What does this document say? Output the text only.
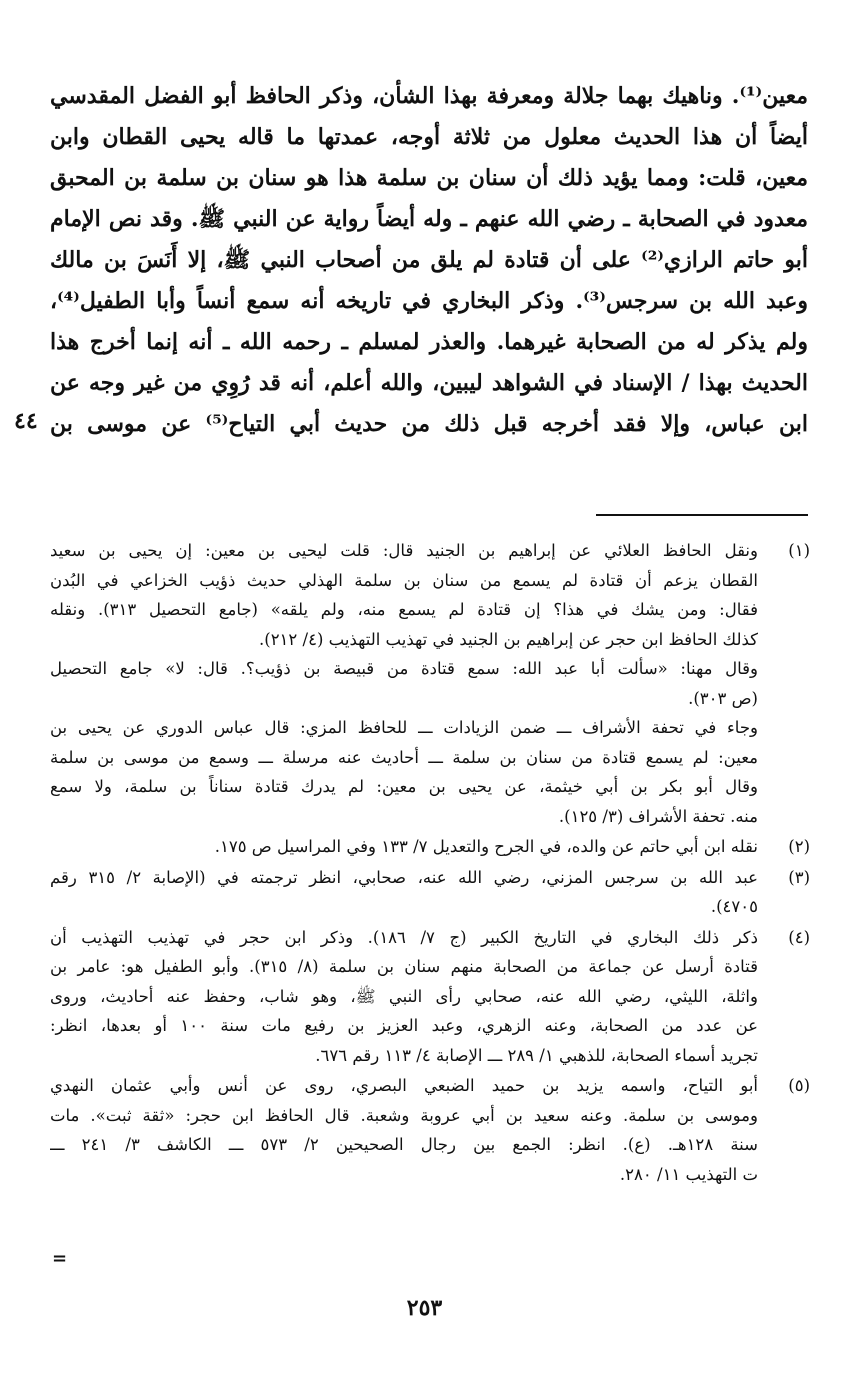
معين⁽¹⁾. وناهيك بهما جلالة ومعرفة بهذا الشأن، وذكر الحافظ أبو الفضل المقدسي
أيضاً أن هذا الحديث معلول من ثلاثة أوجه، عمدتها ما قاله يحيى القطان وابن
معين، قلت: ومما يؤيد ذلك أن سنان بن سلمة هذا هو سنان بن سلمة بن المحبق
معدود في الصحابة ـ رضي الله عنهم ـ وله أيضاً رواية عن النبي ﷺ. وقد نص الإمام
أبو حاتم الرازي⁽²⁾ على أن قتادة لم يلق من أصحاب النبي ﷺ، إلا أَنَسَ بن مالك
وعبد الله بن سرجس⁽³⁾. وذكر البخاري في تاريخه أنه سمع أنساً وأبا الطفيل⁽⁴⁾،
ولم يذكر له من الصحابة غيرهما. والعذر لمسلم ـ رحمه الله ـ أنه إنما أخرج هذا
الحديث بهذا / الإسناد في الشواهد ليبين، والله أعلم، أنه قد رُوِي من غير وجه عن
ابن عباس، وإلا فقد أخرجه قبل ذلك من حديث أبي التياح⁽⁵⁾ عن موسى بن
٤٤
(١)
ونقل الحافظ العلائي عن إبراهيم بن الجنيد قال: قلت ليحيى بن معين: إن يحيى بن سعيد
القطان يزعم أن قتادة لم يسمع من سنان بن سلمة الهذلي حديث ذؤيب الخزاعي في البُدن
فقال: ومن يشك في هذا؟ إن قتادة لم يسمع منه، ولم يلقه» (جامع التحصيل ٣١٣). ونقله
كذلك الحافظ ابن حجر عن إبراهيم بن الجنيد في تهذيب التهذيب (٤/ ٢١٢).
وقال مهنا: «سألت أبا عبد الله: سمع قتادة من قبيصة بن ذؤيب؟. قال: لا» جامع التحصيل
(ص ٣٠٣).
وجاء في تحفة الأشراف ـــ ضمن الزيادات ـــ للحافظ المزي: قال عباس الدوري عن يحيى بن
معين: لم يسمع قتادة من سنان بن سلمة ـــ أحاديث عنه مرسلة ـــ وسمع من موسى بن سلمة
وقال أبو بكر بن أبي خيثمة، عن يحيى بن معين: لم يدرك قتادة سناناً بن سلمة، ولا سمع
منه. تحفة الأشراف (٣/ ١٢٥).
(٢)
نقله ابن أبي حاتم عن والده، في الجرح والتعديل ٧/ ١٣٣ وفي المراسيل ص ١٧٥.
(٣)
عبد الله بن سرجس المزني، رضي الله عنه، صحابي، انظر ترجمته في (الإصابة ٢/ ٣١٥ رقم
٤٧٠٥).
(٤)
ذكر ذلك البخاري في التاريخ الكبير (ج ٧/ ١٨٦). وذكر ابن حجر في تهذيب التهذيب أن
قتادة أرسل عن جماعة من الصحابة منهم سنان بن سلمة (٨/ ٣١٥). وأبو الطفيل هو: عامر بن
واثلة، الليثي، رضي الله عنه، صحابي رأى النبي ﷺ، وهو شاب، وحفظ عنه أحاديث، وروى
عن عدد من الصحابة، وعنه الزهري، وعبد العزيز بن رفيع مات سنة ١٠٠ أو بعدها، انظر:
تجريد أسماء الصحابة، للذهبي ١/ ٢٨٩ ـــ الإصابة ٤/ ١١٣ رقم ٦٧٦.
(٥)
أبو التياح، واسمه يزيد بن حميد الضبعي البصري، روى عن أنس وأبي عثمان النهدي
وموسى بن سلمة. وعنه سعيد بن أبي عروبة وشعبة. قال الحافظ ابن حجر: «ثقة ثبت». مات
سنة ١٢٨هـ. (ع). انظر: الجمع بين رجال الصحيحين ٢/ ٥٧٣ ـــ الكاشف ٣/ ٢٤١ ـــ
ت التهذيب ١١/ ٢٨٠.
=
٢٥٣
